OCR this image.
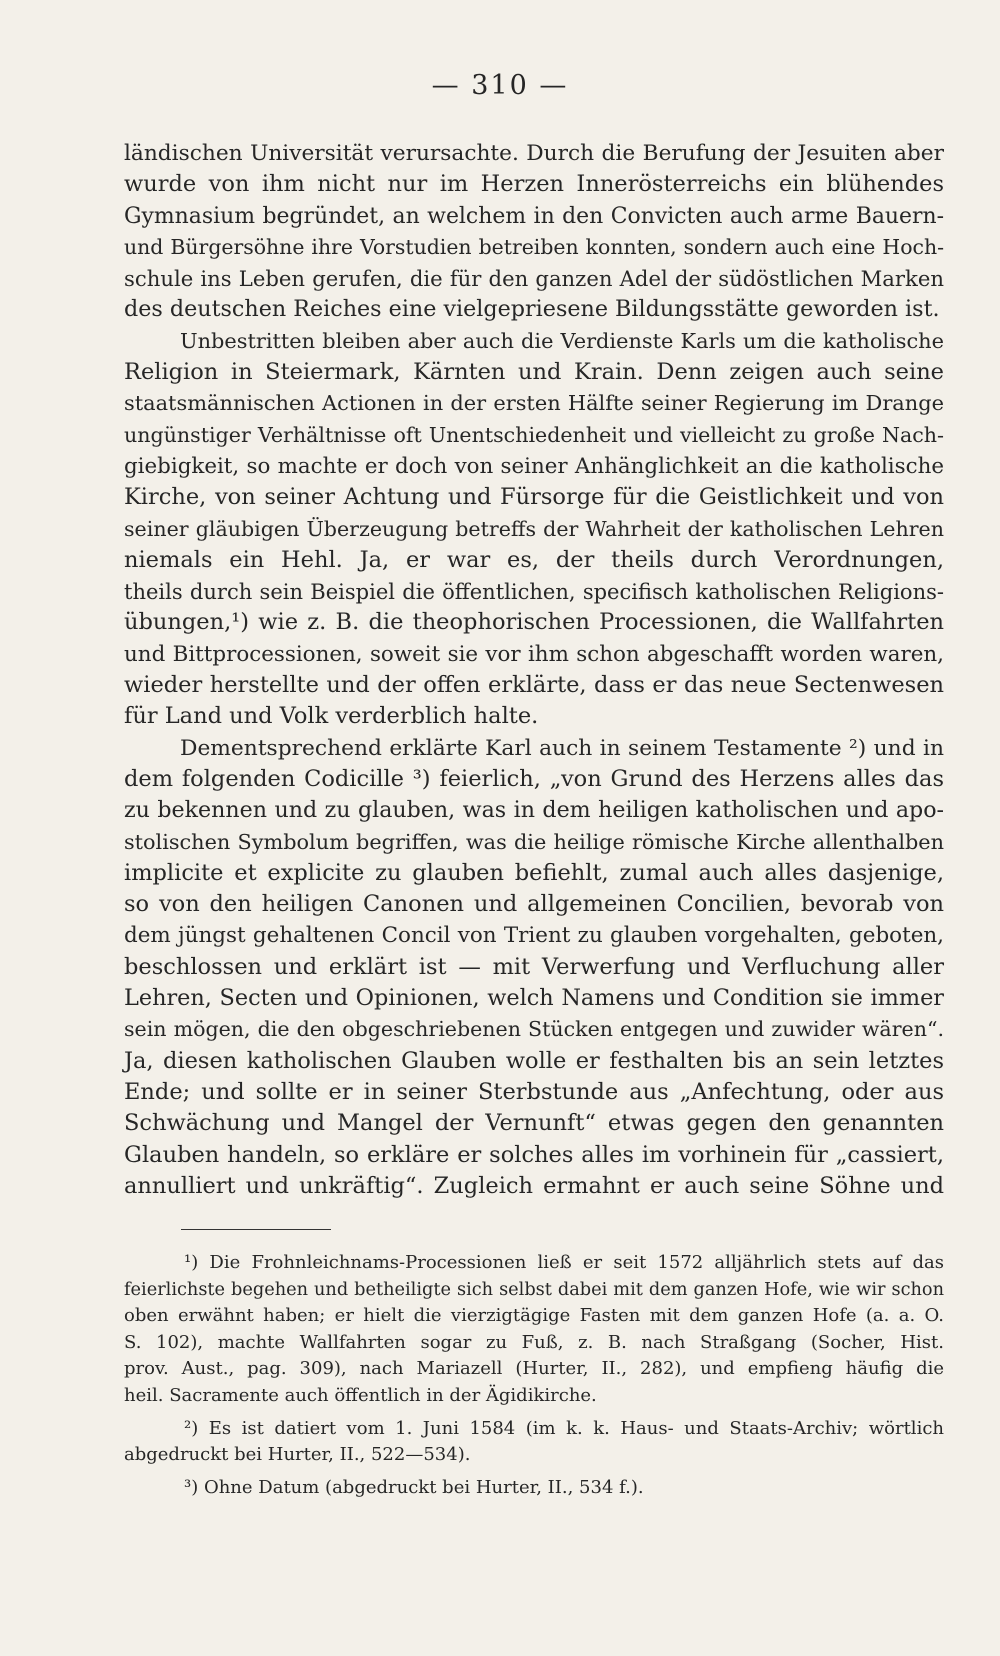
— 310 —
ländischen Universität verursachte. Durch die Berufung der Jesuiten aber
wurde von ihm nicht nur im Herzen Innerösterreichs ein blühendes
Gymnasium begründet, an welchem in den Convicten auch arme Bauern-
und Bürgersöhne ihre Vorstudien betreiben konnten, sondern auch eine Hoch-
schule ins Leben gerufen, die für den ganzen Adel der südöstlichen Marken
des deutschen Reiches eine vielgepriesene Bildungsstätte geworden ist.
Unbestritten bleiben aber auch die Verdienste Karls um die katholische
Religion in Steiermark, Kärnten und Krain. Denn zeigen auch seine
staatsmännischen Actionen in der ersten Hälfte seiner Regierung im Drange
ungünstiger Verhältnisse oft Unentschiedenheit und vielleicht zu große Nach-
giebigkeit, so machte er doch von seiner Anhänglichkeit an die katholische
Kirche, von seiner Achtung und Fürsorge für die Geistlichkeit und von
seiner gläubigen Überzeugung betreffs der Wahrheit der katholischen Lehren
niemals ein Hehl. Ja, er war es, der theils durch Verordnungen,
theils durch sein Beispiel die öffentlichen, specifisch katholischen Religions-
übungen,¹) wie z. B. die theophorischen Processionen, die Wallfahrten
und Bittprocessionen, soweit sie vor ihm schon abgeschafft worden waren,
wieder herstellte und der offen erklärte, dass er das neue Sectenwesen
für Land und Volk verderblich halte.
Dementsprechend erklärte Karl auch in seinem Testamente ²) und in
dem folgenden Codicille ³) feierlich, „von Grund des Herzens alles das
zu bekennen und zu glauben, was in dem heiligen katholischen und apo-
stolischen Symbolum begriffen, was die heilige römische Kirche allenthalben
implicite et explicite zu glauben befiehlt, zumal auch alles dasjenige,
so von den heiligen Canonen und allgemeinen Concilien, bevorab von
dem jüngst gehaltenen Concil von Trient zu glauben vorgehalten, geboten,
beschlossen und erklärt ist — mit Verwerfung und Verfluchung aller
Lehren, Secten und Opinionen, welch Namens und Condition sie immer
sein mögen, die den obgeschriebenen Stücken entgegen und zuwider wären“.
Ja, diesen katholischen Glauben wolle er festhalten bis an sein letztes
Ende; und sollte er in seiner Sterbstunde aus „Anfechtung, oder aus
Schwächung und Mangel der Vernunft“ etwas gegen den genannten
Glauben handeln, so erkläre er solches alles im vorhinein für „cassiert,
annulliert und unkräftig“. Zugleich ermahnt er auch seine Söhne und
¹) Die Frohnleichnams-Processionen ließ er seit 1572 alljährlich stets auf das
feierlichste begehen und betheiligte sich selbst dabei mit dem ganzen Hofe, wie wir schon
oben erwähnt haben; er hielt die vierzigtägige Fasten mit dem ganzen Hofe (a. a. O.
S. 102), machte Wallfahrten sogar zu Fuß, z. B. nach Straßgang (Socher, Hist.
prov. Aust., pag. 309), nach Mariazell (Hurter, II., 282), und empfieng häufig die
heil. Sacramente auch öffentlich in der Ägidikirche.
²) Es ist datiert vom 1. Juni 1584 (im k. k. Haus- und Staats-Archiv; wörtlich
abgedruckt bei Hurter, II., 522—534).
³) Ohne Datum (abgedruckt bei Hurter, II., 534 f.).
